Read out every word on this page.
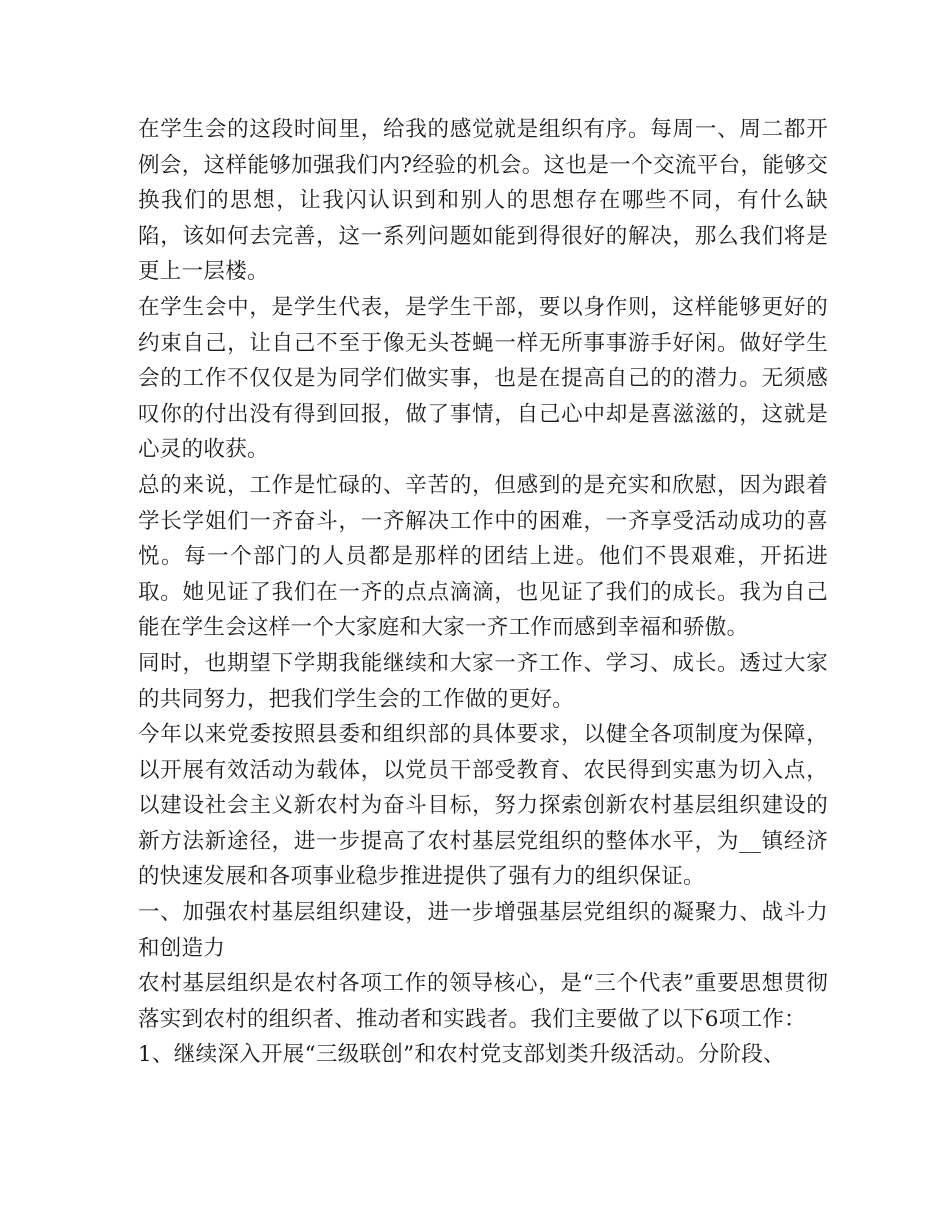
在学生会的这段时间里，给我的感觉就是组织有序。每周一、周二都开例会，这样能够加强我们内?经验的机会。这也是一个交流平台，能够交换我们的思想，让我闪认识到和别人的思想存在哪些不同，有什么缺陷，该如何去完善，这一系列问题如能到得很好的解决，那么我们将是更上一层楼。

在学生会中，是学生代表，是学生干部，要以身作则，这样能够更好的约束自己，让自己不至于像无头苍蝇一样无所事事游手好闲。做好学生会的工作不仅仅是为同学们做实事，也是在提高自己的的潜力。无须感叹你的付出没有得到回报，做了事情，自己心中却是喜滋滋的，这就是心灵的收获。

总的来说，工作是忙碌的、辛苦的，但感到的是充实和欣慰，因为跟着学长学姐们一齐奋斗，一齐解决工作中的困难，一齐享受活动成功的喜悦。每一个部门的人员都是那样的团结上进。他们不畏艰难，开拓进取。她见证了我们在一齐的点点滴滴，也见证了我们的成长。我为自己能在学生会这样一个大家庭和大家一齐工作而感到幸福和骄傲。

同时，也期望下学期我能继续和大家一齐工作、学习、成长。透过大家的共同努力，把我们学生会的工作做的更好。

今年以来党委按照县委和组织部的具体要求，以健全各项制度为保障，以开展有效活动为载体，以党员干部受教育、农民得到实惠为切入点，以建设社会主义新农村为奋斗目标，努力探索创新农村基层组织建设的新方法新途径，进一步提高了农村基层党组织的整体水平，为__镇经济的快速发展和各项事业稳步推进提供了强有力的组织保证。

一、加强农村基层组织建设，进一步增强基层党组织的凝聚力、战斗力和创造力

农村基层组织是农村各项工作的领导核心，是“三个代表”重要思想贯彻落实到农村的组织者、推动者和实践者。我们主要做了以下6项工作：

1、继续深入开展“三级联创”和农村党支部划类升级活动。分阶段、
